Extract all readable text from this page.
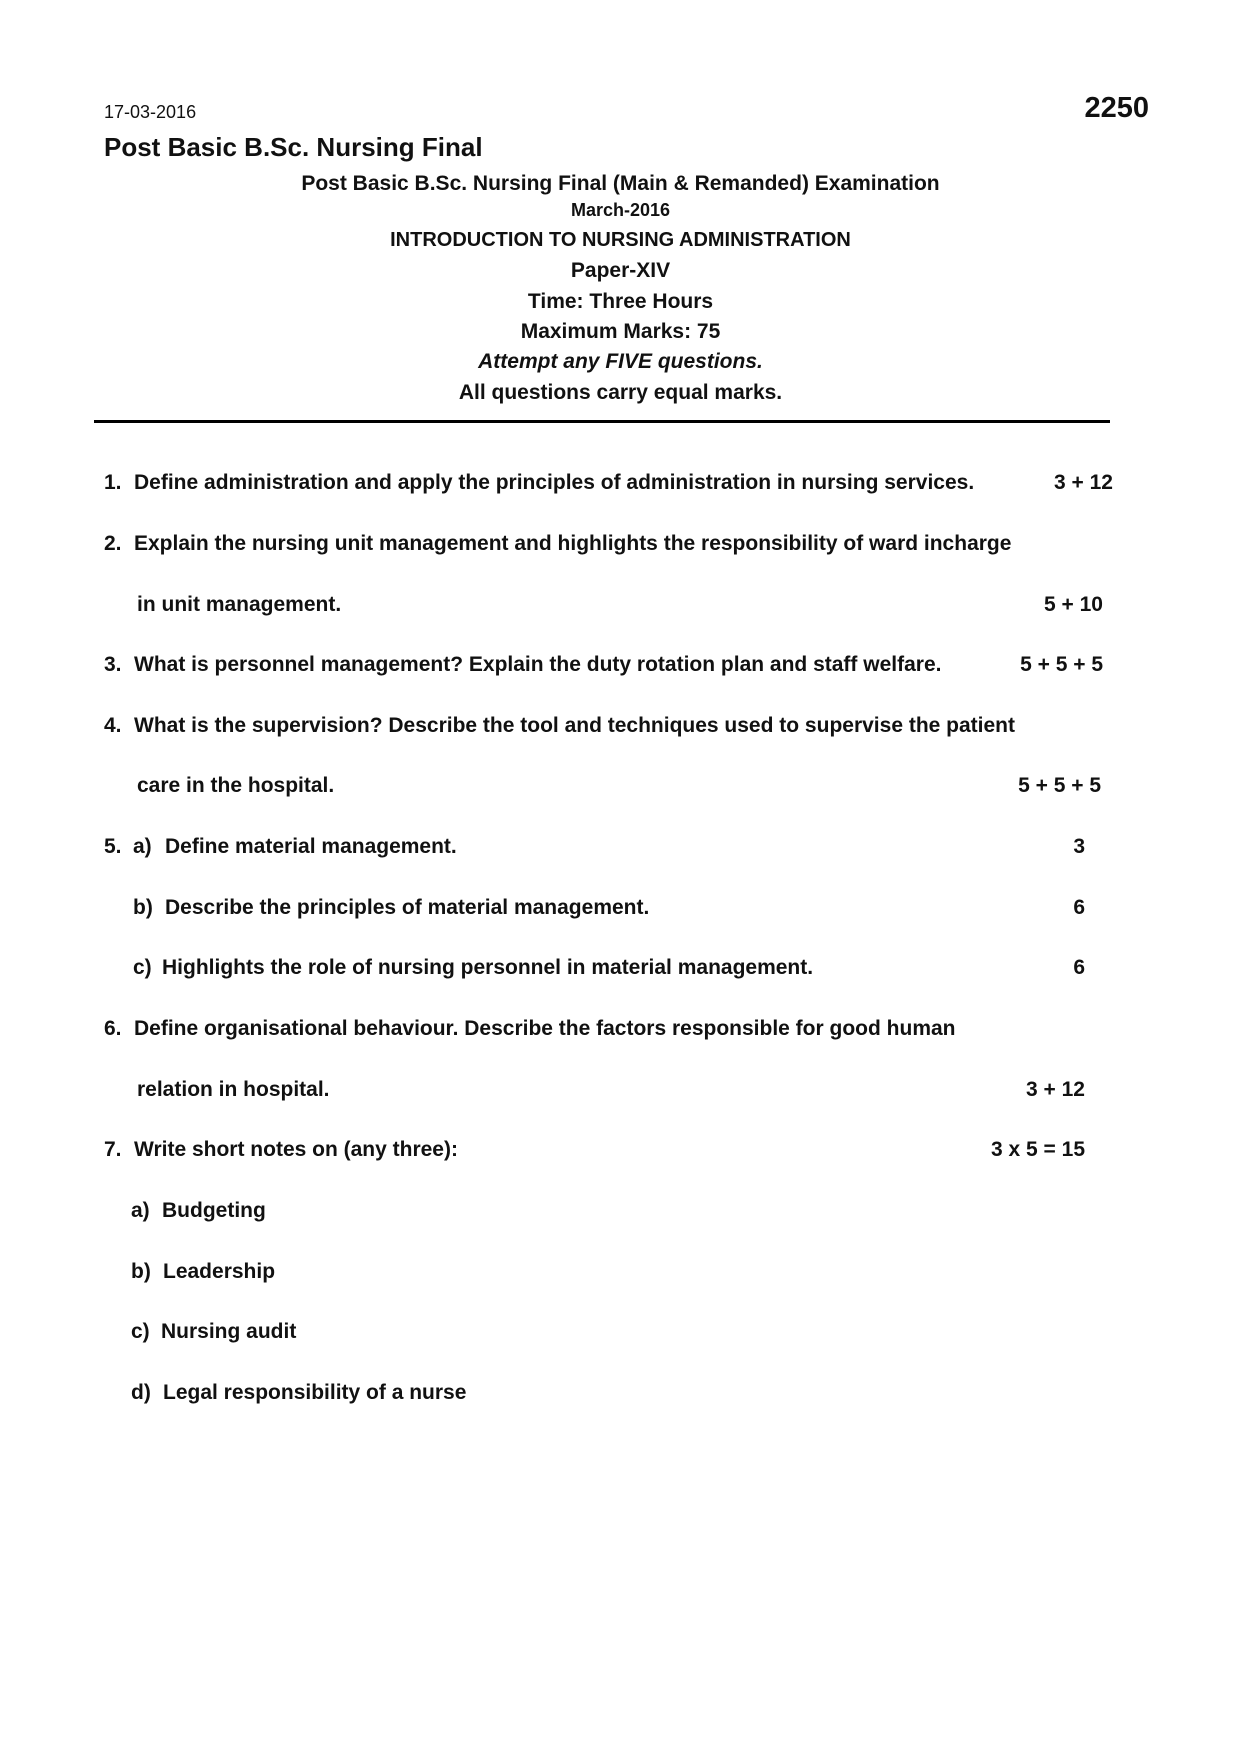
17-03-2016	2250
Post Basic B.Sc. Nursing Final
Post Basic B.Sc. Nursing Final (Main & Remanded) Examination
March-2016
INTRODUCTION TO NURSING ADMINISTRATION
Paper-XIV
Time: Three Hours
Maximum Marks: 75
Attempt any FIVE questions.
All questions carry equal marks.
1. Define administration and apply the principles of administration in nursing services.	3 + 12
2. Explain the nursing unit management and highlights the responsibility of ward incharge
in unit management.	5 + 10
3. What is personnel management? Explain the duty rotation plan and staff welfare.	5 + 5 + 5
4. What is the supervision? Describe the tool and techniques used to supervise the patient
care in the hospital.	5 + 5 + 5
5. a) Define material management.	3
b) Describe the principles of material management.	6
c) Highlights the role of nursing personnel in material management.	6
6. Define organisational behaviour. Describe the factors responsible for good human
relation in hospital.	3 + 12
7. Write short notes on (any three):	3 x 5 = 15
a) Budgeting
b) Leadership
c) Nursing audit
d) Legal responsibility of a nurse
